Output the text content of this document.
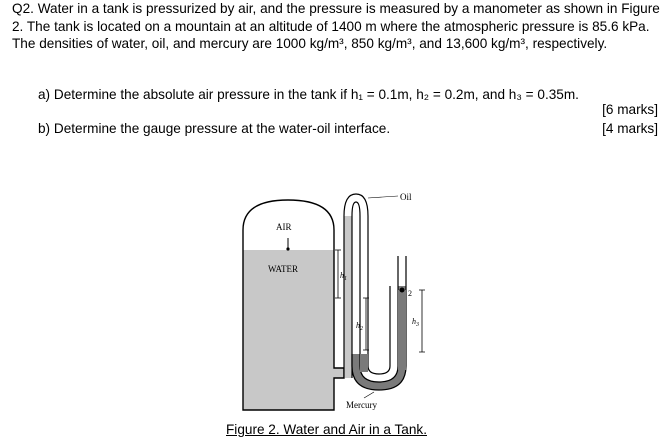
Q2. Water in a tank is pressurized by air, and the pressure is measured by a manometer as shown in Figure 2. The tank is located on a mountain at an altitude of 1400 m where the atmospheric pressure is 85.6 kPa. The densities of water, oil, and mercury are 1000 kg/m³, 850 kg/m³, and 13,600 kg/m³, respectively.
a) Determine the absolute air pressure in the tank if h₁ = 0.1m, h₂ = 0.2m, and h₃ = 0.35m.
[6 marks]
b) Determine the gauge pressure at the water-oil interface.	[4 marks]
AIR
WATER
Oil
Mercury
2
$h_1$
$h_2$
$h_3$
Figure 2. Water and Air in a Tank.
